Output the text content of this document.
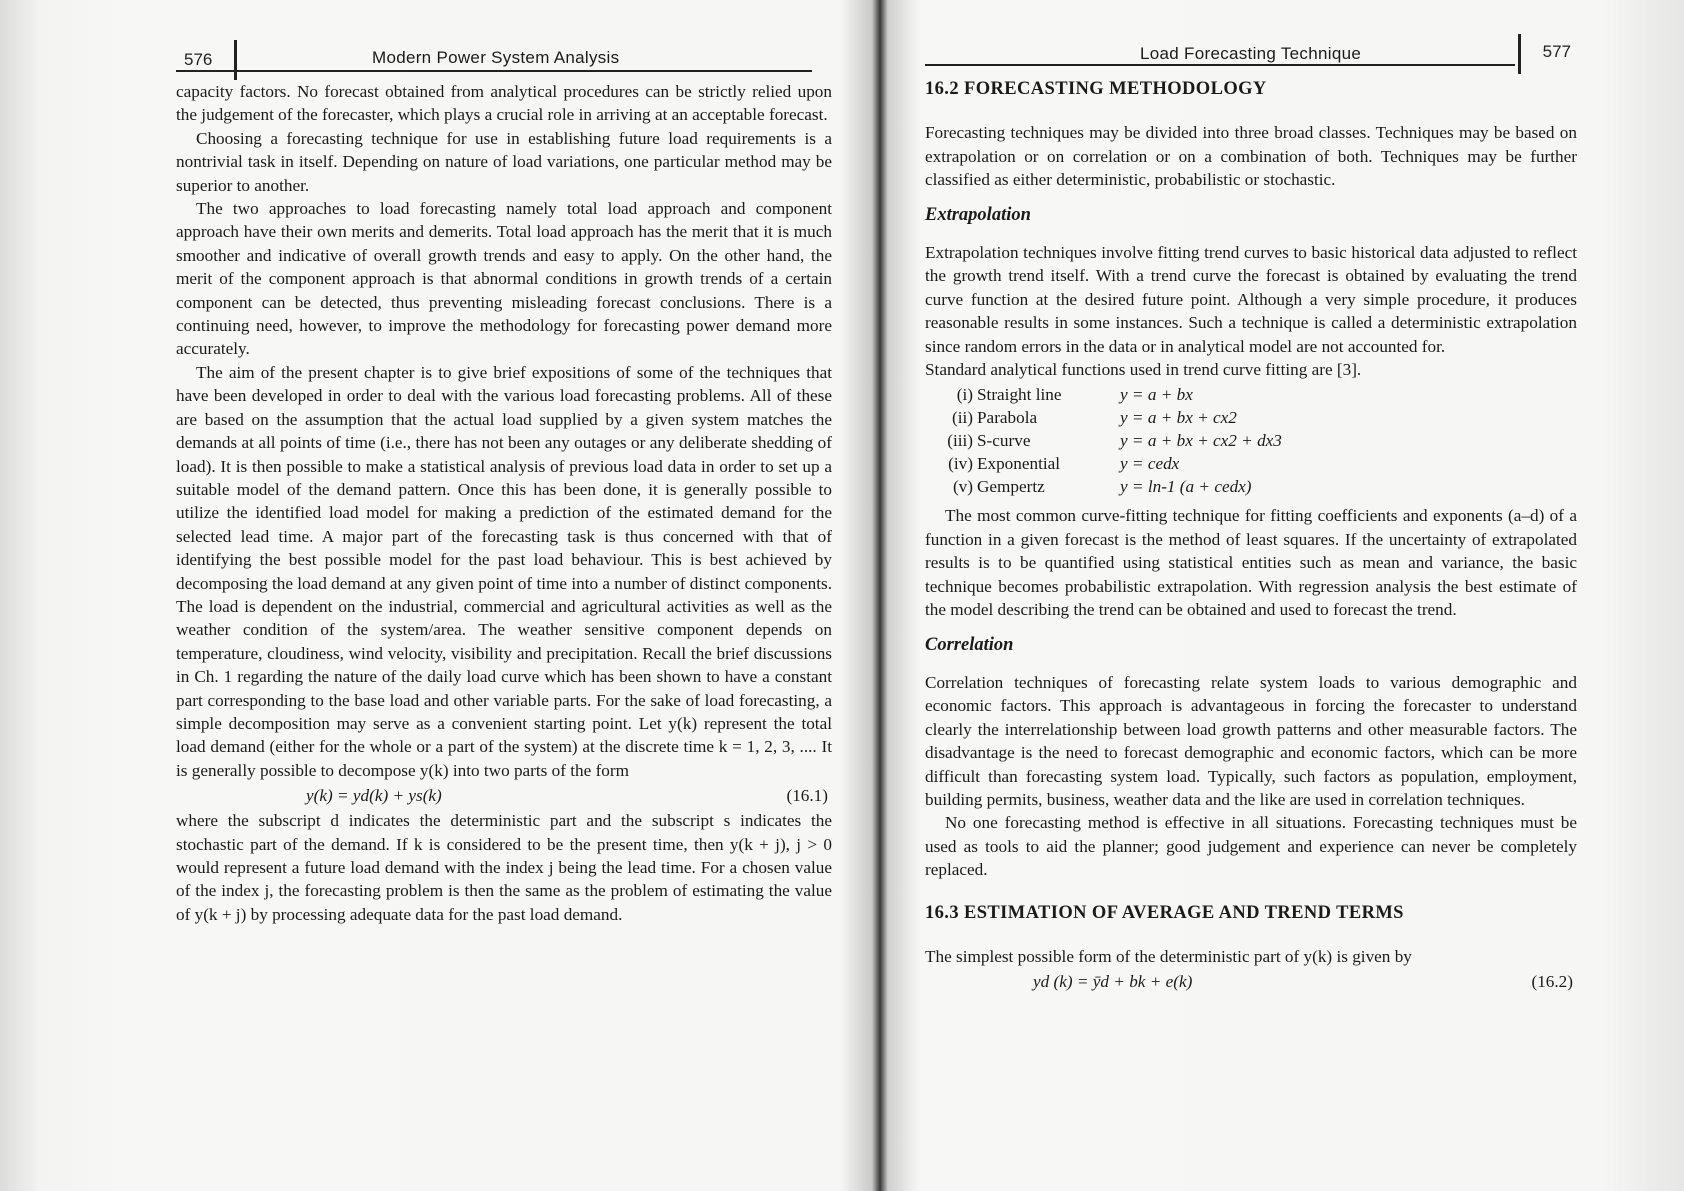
576	Modern Power System Analysis

capacity factors. No forecast obtained from analytical procedures can be strictly relied upon the judgement of the forecaster, which plays a crucial role in arriving at an acceptable forecast.

Choosing a forecasting technique for use in establishing future load requirements is a nontrivial task in itself. Depending on nature of load variations, one particular method may be superior to another.

The two approaches to load forecasting namely total load approach and component approach have their own merits and demerits. Total load approach has the merit that it is much smoother and indicative of overall growth trends and easy to apply. On the other hand, the merit of the component approach is that abnormal conditions in growth trends of a certain component can be detected, thus preventing misleading forecast conclusions. There is a continuing need, however, to improve the methodology for forecasting power demand more accurately.

The aim of the present chapter is to give brief expositions of some of the techniques that have been developed in order to deal with the various load forecasting problems. All of these are based on the assumption that the actual load supplied by a given system matches the demands at all points of time (i.e., there has not been any outages or any deliberate shedding of load). It is then possible to make a statistical analysis of previous load data in order to set up a suitable model of the demand pattern. Once this has been done, it is generally possible to utilize the identified load model for making a prediction of the estimated demand for the selected lead time. A major part of the forecasting task is thus concerned with that of identifying the best possible model for the past load behaviour. This is best achieved by decomposing the load demand at any given point of time into a number of distinct components. The load is dependent on the industrial, commercial and agricultural activities as well as the weather condition of the system/area. The weather sensitive component depends on temperature, cloudiness, wind velocity, visibility and precipitation. Recall the brief discussions in Ch. 1 regarding the nature of the daily load curve which has been shown to have a constant part corresponding to the base load and other variable parts. For the sake of load forecasting, a simple decomposition may serve as a convenient starting point. Let y(k) represent the total load demand (either for the whole or a part of the system) at the discrete time k = 1, 2, 3, .... It is generally possible to decompose y(k) into two parts of the form

y(k) = yd(k) + ys(k)	(16.1)

where the subscript d indicates the deterministic part and the subscript s indicates the stochastic part of the demand. If k is considered to be the present time, then y(k + j), j > 0 would represent a future load demand with the index j being the lead time. For a chosen value of the index j, the forecasting problem is then the same as the problem of estimating the value of y(k + j) by processing adequate data for the past load demand.

Load Forecasting Technique	577
16.2 FORECASTING METHODOLOGY

Forecasting techniques may be divided into three broad classes. Techniques may be based on extrapolation or on correlation or on a combination of both. Techniques may be further classified as either deterministic, probabilistic or stochastic.

Extrapolation

Extrapolation techniques involve fitting trend curves to basic historical data adjusted to reflect the growth trend itself. With a trend curve the forecast is obtained by evaluating the trend curve function at the desired future point. Although a very simple procedure, it produces reasonable results in some instances. Such a technique is called a deterministic extrapolation since random errors in the data or in analytical model are not accounted for.

Standard analytical functions used in trend curve fitting are [3].

(i) Straight line	y = a + bx
(ii) Parabola	y = a + bx + cx2
(iii) S-curve	y = a + bx + cx2 + dx3
(iv) Exponential	y = cedx
(v) Gempertz	y = ln-1 (a + cedx)

The most common curve-fitting technique for fitting coefficients and exponents (a–d) of a function in a given forecast is the method of least squares. If the uncertainty of extrapolated results is to be quantified using statistical entities such as mean and variance, the basic technique becomes probabilistic extrapolation. With regression analysis the best estimate of the model describing the trend can be obtained and used to forecast the trend.

Correlation

Correlation techniques of forecasting relate system loads to various demographic and economic factors. This approach is advantageous in forcing the forecaster to understand clearly the interrelationship between load growth patterns and other measurable factors. The disadvantage is the need to forecast demographic and economic factors, which can be more difficult than forecasting system load. Typically, such factors as population, employment, building permits, business, weather data and the like are used in correlation techniques.

No one forecasting method is effective in all situations. Forecasting techniques must be used as tools to aid the planner; good judgement and experience can never be completely replaced.

16.3 ESTIMATION OF AVERAGE AND TREND TERMS

The simplest possible form of the deterministic part of y(k) is given by

yd (k) = ȳd + bk + e(k)	(16.2)
